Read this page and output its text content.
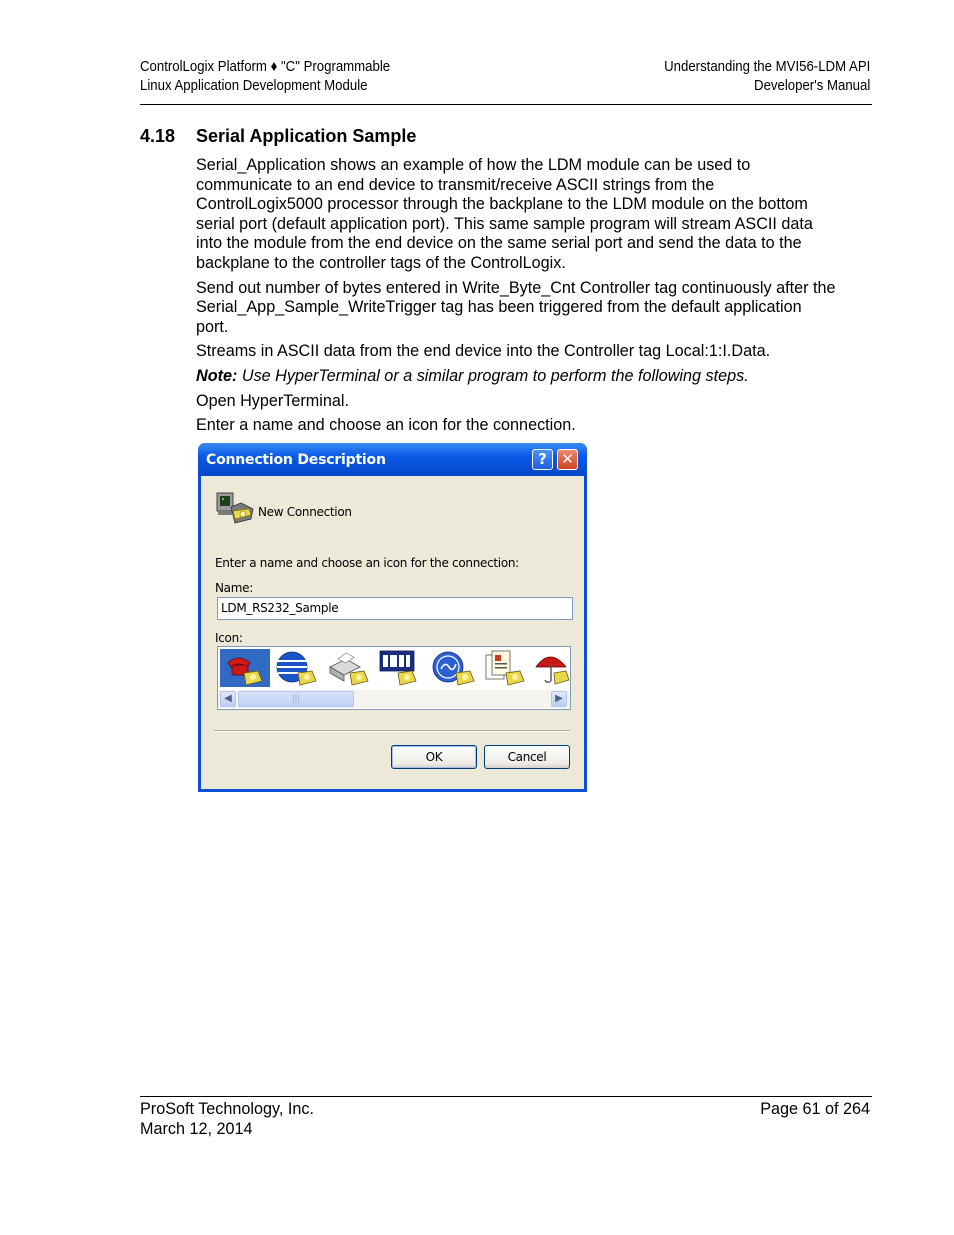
ControlLogix Platform ♦ "C" Programmable
Linux Application Development Module
Understanding the MVI56-LDM API
Developer's Manual
4.18 Serial Application Sample

Serial_Application shows an example of how the LDM module can be used to communicate to an end device to transmit/receive ASCII strings from the ControlLogix5000 processor through the backplane to the LDM module on the bottom serial port (default application port). This same sample program will stream ASCII data into the module from the end device on the same serial port and send the data to the backplane to the controller tags of the ControlLogix.

Send out number of bytes entered in Write_Byte_Cnt Controller tag continuously after the Serial_App_Sample_WriteTrigger tag has been triggered from the default application port.

Streams in ASCII data from the end device into the Controller tag Local:1:I.Data.

Note: Use HyperTerminal or a similar program to perform the following steps.

Open HyperTerminal.

Enter a name and choose an icon for the connection.

Connection Description	? ✕
New Connection
Enter a name and choose an icon for the connection:
Name:
LDM_RS232_Sample
Icon:
◀	|||	▶
OK	Cancel
ProSoft Technology, Inc.
March 12, 2014
Page 61 of 264
